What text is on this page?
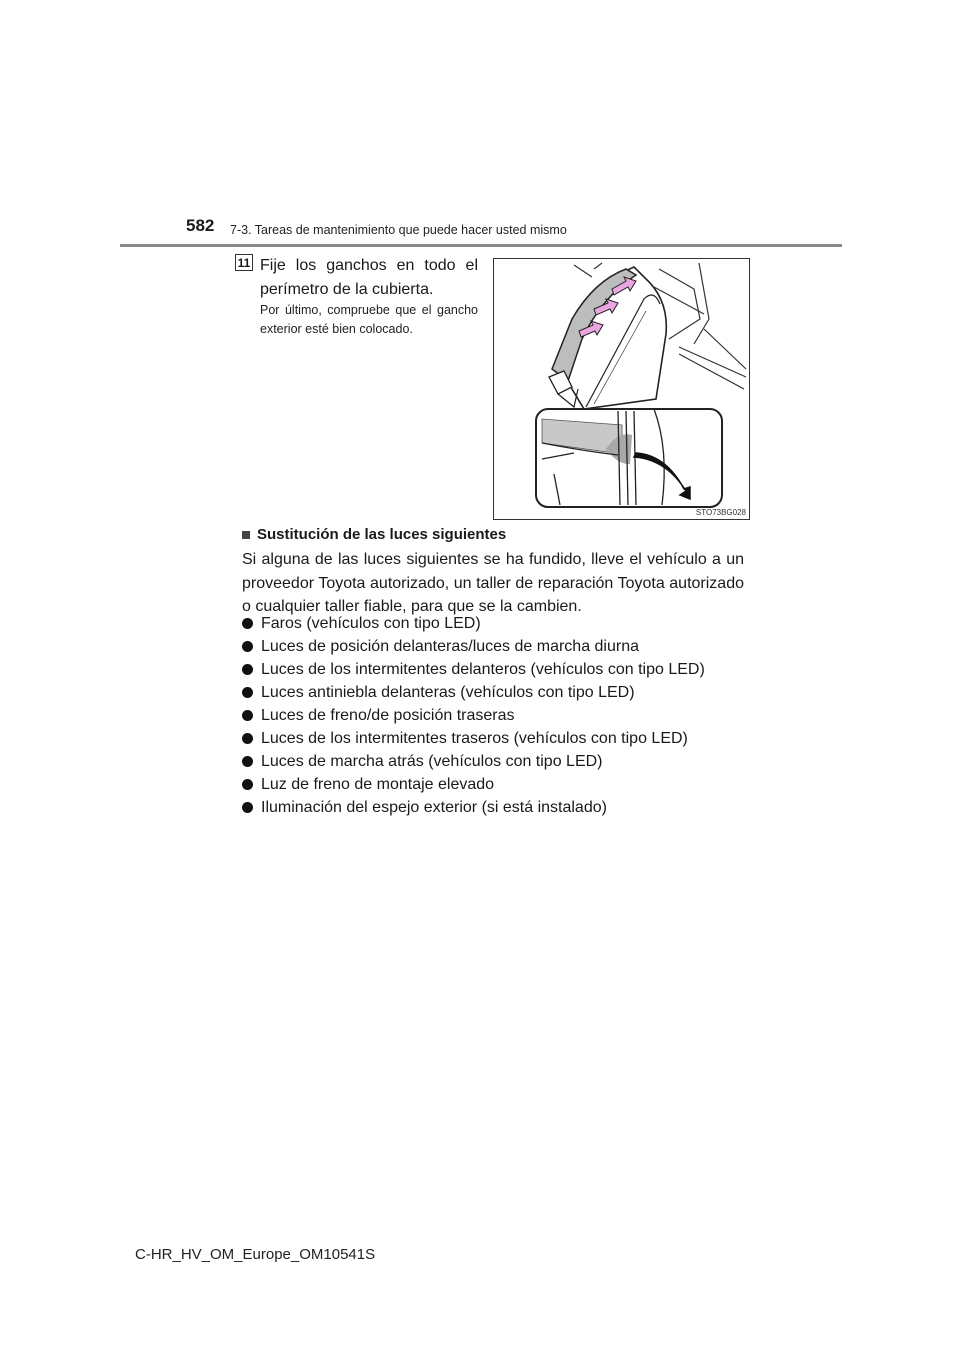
582 7-3. Tareas de mantenimiento que puede hacer usted mismo
11 Fije los ganchos en todo el perímetro de la cubierta.
Por último, compruebe que el gancho exterior esté bien colocado.
STO73BG028
Sustitución de las luces siguientes
Si alguna de las luces siguientes se ha fundido, lleve el vehículo a un proveedor Toyota autorizado, un taller de reparación Toyota autorizado o cualquier taller fiable, para que se la cambien.
Faros (vehículos con tipo LED)
Luces de posición delanteras/luces de marcha diurna
Luces de los intermitentes delanteros (vehículos con tipo LED)
Luces antiniebla delanteras (vehículos con tipo LED)
Luces de freno/de posición traseras
Luces de los intermitentes traseros (vehículos con tipo LED)
Luces de marcha atrás (vehículos con tipo LED)
Luz de freno de montaje elevado
Iluminación del espejo exterior (si está instalado)
C-HR_HV_OM_Europe_OM10541S
